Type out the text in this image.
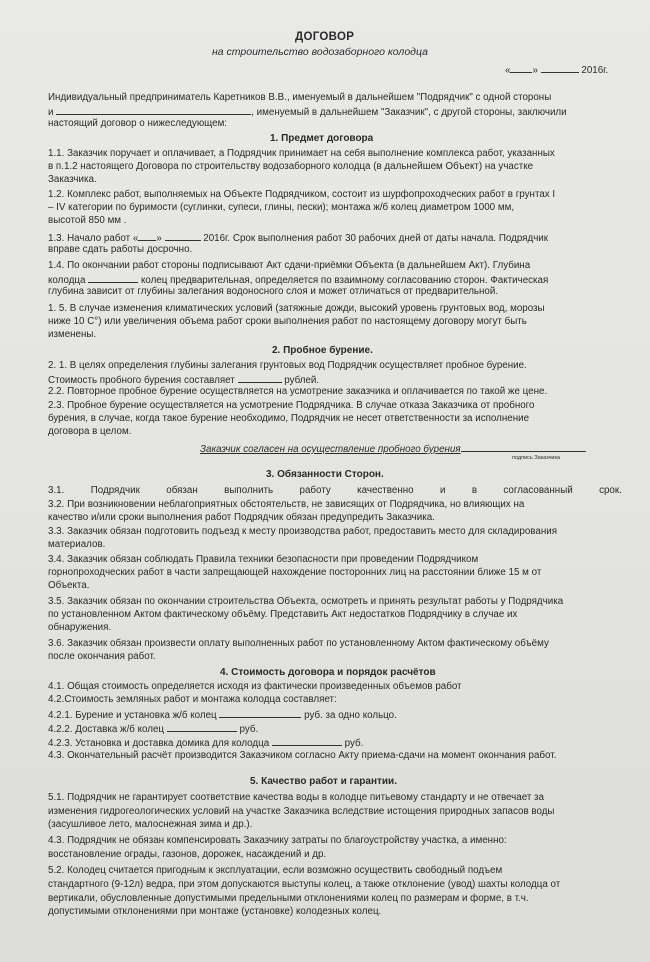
ДОГОВОР
на строительство водозаборного колодца
« »	2016г.
Индивидуальный предприниматель Каретников В.В., именуемый в дальнейшем "Подрядчик" с одной стороны
и	, именуемый в дальнейшем "Заказчик", с другой стороны, заключили
настоящий договор о нижеследующем:
1. Предмет договора
1.1. Заказчик поручает и оплачивает, а Подрядчик принимает на себя выполнение комплекса работ, указанных
в п.1.2 настоящего Договора по строительству водозаборного колодца (в дальнейшем Объект) на участке
Заказчика.
1.2. Комплекс работ, выполняемых на Объекте Подрядчиком, состоит из шурфопроходческих работ в грунтах I
– IV категории по буримости (суглинки, супеси, глины, пески); монтажа ж/б колец диаметром 1000 мм,
высотой 850 мм .
1.3. Начало работ « »	2016г. Срок выполнения работ 30 рабочих дней от даты начала. Подрядчик
вправе сдать работы досрочно.
1.4. По окончании работ стороны подписывают Акт сдачи-приёмки Объекта (в дальнейшем Акт). Глубина
колодца	колец предварительная, определяется по взаимному согласованию сторон. Фактическая
глубина зависит от глубины залегания водоносного слоя и может отличаться от предварительной.
1. 5. В случае изменения климатических условий (затяжные дожди, высокий уровень грунтовых вод, морозы
ниже 10 С°) или увеличения объема работ сроки выполнения работ по настоящему договору могут быть
изменены.
2. Пробное бурение.
2. 1. В целях определения глубины залегания грунтовых вод Подрядчик осуществляет пробное бурение.
Стоимость пробного бурения составляет	рублей.
2.2. Повторное пробное бурение осуществляется на усмотрение заказчика и оплачивается по такой же цене.
2.3. Пробное бурение осуществляется на усмотрение Подрядчика. В случае отказа Заказчика от пробного
бурения, в случае, когда такое бурение необходимо, Подрядчик не несет ответственности за исполнение
договора в целом.
Заказчик согласен на осуществление пробного бурения
подпись Заказчика
3. Обязанности Сторон.
3.1.	Подрядчик	обязан	выполнить	работу	качественно	и	в	согласованный	срок.
3.2. При возникновении неблагоприятных обстоятельств, не зависящих от Подрядчика, но влияющих на
качество и/или сроки выполнения работ Подрядчик обязан предупредить Заказчика.
3.3. Заказчик обязан подготовить подъезд к месту производства работ, предоставить место для складирования
материалов.
3.4. Заказчик обязан соблюдать Правила техники безопасности при проведении Подрядчиком
горнопроходческих работ в части запрещающей нахождение посторонних лиц на расстоянии ближе 15 м от
Объекта.
3.5. Заказчик обязан по окончании строительства Объекта, осмотреть и принять результат работы у Подрядчика
по установленном Актом фактическому объёму. Представить Акт недостатков Подрядчику в случае их
обнаружения.
3.6. Заказчик обязан произвести оплату выполненных работ по установленному Актом фактическому объёму
после окончания работ.
4. Стоимость договора и порядок расчётов
4.1. Общая стоимость определяется исходя из фактически произведенных объемов работ
4.2.Стоимость земляных работ и монтажа колодца составляет:
4.2.1. Бурение и установка ж/б колец	руб. за одно кольцо.
4.2.2. Доставка ж/б колец	руб.
4.2.3. Установка и доставка домика для колодца	руб.
4.3. Окончательный расчёт производится Заказчиком согласно Акту приема-сдачи на момент окончания работ.
5. Качество работ и гарантии.
5.1. Подрядчик не гарантирует соответствие качества воды в колодце питьевому стандарту и не отвечает за
изменения гидрогеологических условий на участке Заказчика вследствие истощения природных запасов воды
(засушливое лето, малоснежная зима и др.).
4.3. Подрядчик не обязан компенсировать Заказчику затраты по благоустройству участка, а именно:
восстановление ограды, газонов, дорожек, насаждений и др.
5.2. Колодец считается пригодным к эксплуатации, если возможно осуществить свободный подъем
стандартного (9-12л) ведра, при этом допускаются выступы колец, а также отклонение (увод) шахты колодца от
вертикали, обусловленные допустимыми предельными отклонениями колец по размерам и форме, в т.ч.
допустимыми отклонениями при монтаже (установке) колодезных колец.
